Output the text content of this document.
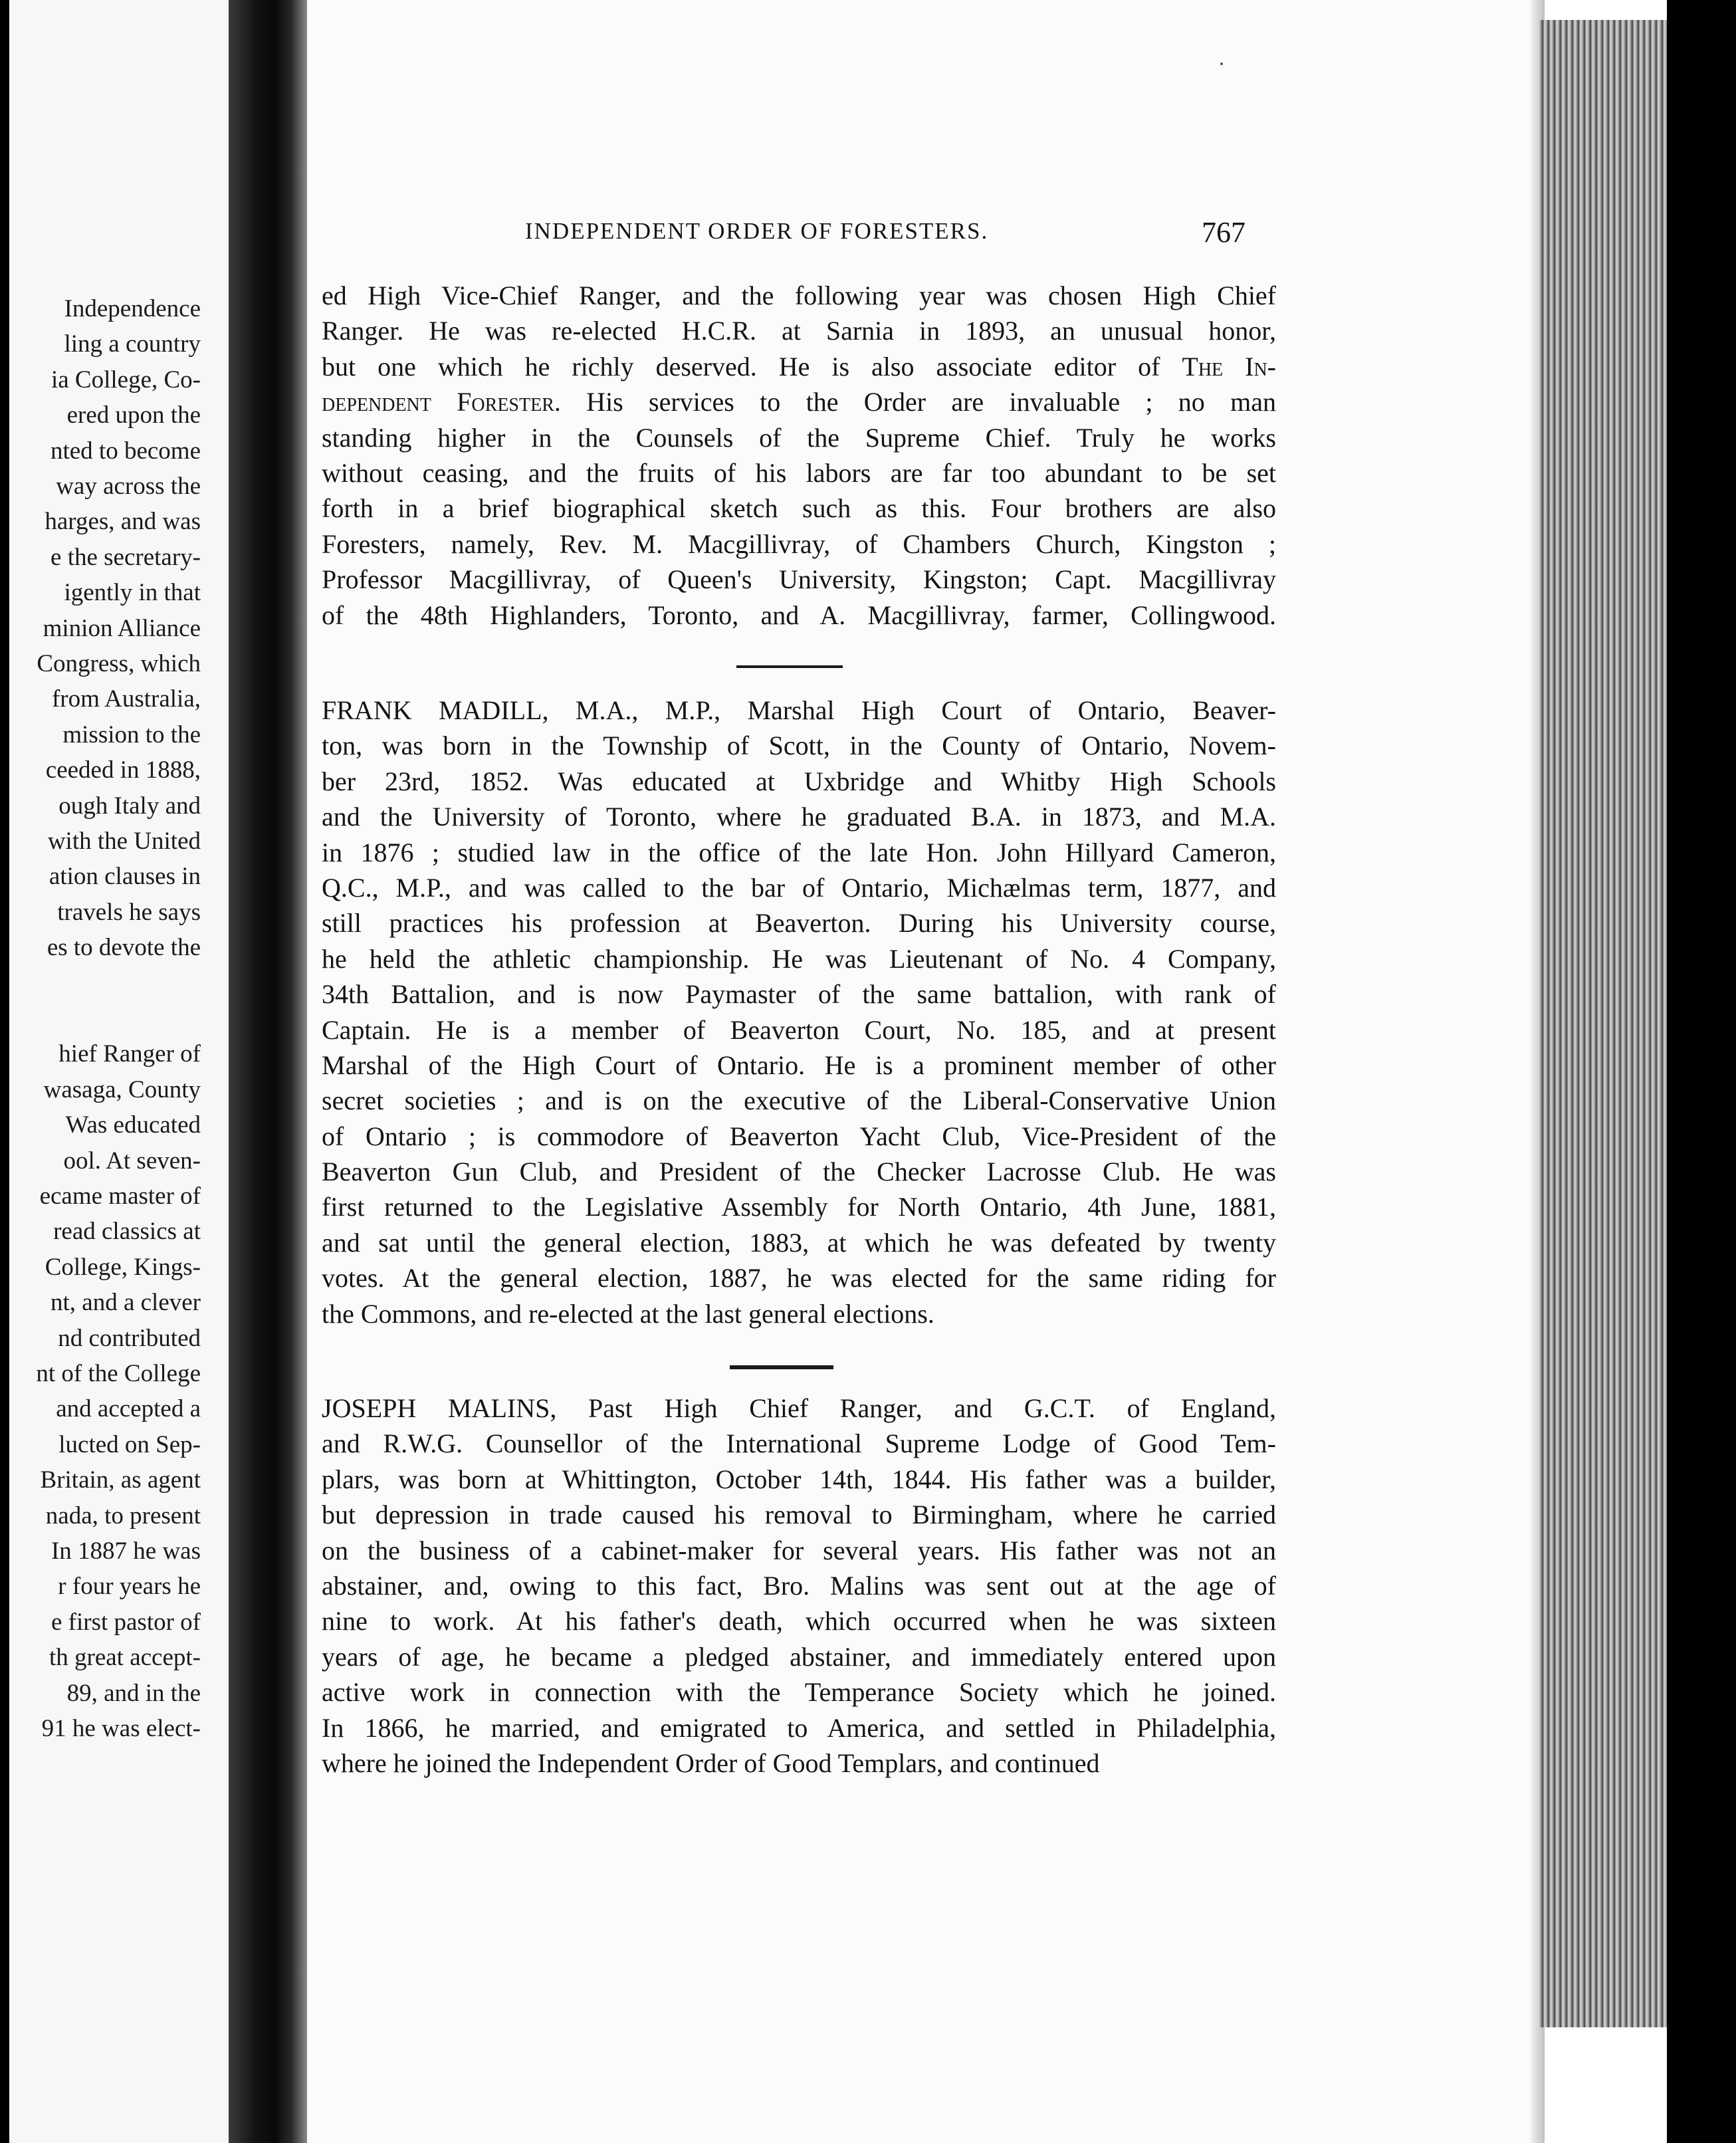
Independence
ling a country
ia College, Co-
ered upon the
nted to become
way across the
harges, and was
e the secretary-
igently in that
minion Alliance
Congress, which
from Australia,
mission to the
ceeded in 1888,
ough Italy and
with the United
ation clauses in
travels he says
es to devote the
hief Ranger of
wasaga, County
Was educated
ool. At seven-
ecame master of
read classics at
College, Kings-
nt, and a clever
nd contributed
nt of the College
and accepted a
lucted on Sep-
Britain, as agent
nada, to present
In 1887 he was
r four years he
e first pastor of
th great accept-
89, and in the
91 he was elect-
INDEPENDENT ORDER OF FORESTERS.	767
ed High Vice-Chief Ranger, and the following year was chosen High Chief
Ranger. He was re-elected H.C.R. at Sarnia in 1893, an unusual honor,
but one which he richly deserved. He is also associate editor of The In-
dependent Forester. His services to the Order are invaluable ; no man
standing higher in the Counsels of the Supreme Chief. Truly he works
without ceasing, and the fruits of his labors are far too abundant to be set
forth in a brief biographical sketch such as this. Four brothers are also
Foresters, namely, Rev. M. Macgillivray, of Chambers Church, Kingston ;
Professor Macgillivray, of Queen's University, Kingston; Capt. Macgillivray
of the 48th Highlanders, Toronto, and A. Macgillivray, farmer, Collingwood.
FRANK MADILL, M.A., M.P., Marshal High Court of Ontario, Beaver-
ton, was born in the Township of Scott, in the County of Ontario, Novem-
ber 23rd, 1852. Was educated at Uxbridge and Whitby High Schools
and the University of Toronto, where he graduated B.A. in 1873, and M.A.
in 1876 ; studied law in the office of the late Hon. John Hillyard Cameron,
Q.C., M.P., and was called to the bar of Ontario, Michælmas term, 1877, and
still practices his profession at Beaverton. During his University course,
he held the athletic championship. He was Lieutenant of No. 4 Company,
34th Battalion, and is now Paymaster of the same battalion, with rank of
Captain. He is a member of Beaverton Court, No. 185, and at present
Marshal of the High Court of Ontario. He is a prominent member of other
secret societies ; and is on the executive of the Liberal-Conservative Union
of Ontario ; is commodore of Beaverton Yacht Club, Vice-President of the
Beaverton Gun Club, and President of the Checker Lacrosse Club. He was
first returned to the Legislative Assembly for North Ontario, 4th June, 1881,
and sat until the general election, 1883, at which he was defeated by twenty
votes. At the general election, 1887, he was elected for the same riding for
the Commons, and re-elected at the last general elections.
JOSEPH MALINS, Past High Chief Ranger, and G.C.T. of England,
and R.W.G. Counsellor of the International Supreme Lodge of Good Tem-
plars, was born at Whittington, October 14th, 1844. His father was a builder,
but depression in trade caused his removal to Birmingham, where he carried
on the business of a cabinet-maker for several years. His father was not an
abstainer, and, owing to this fact, Bro. Malins was sent out at the age of
nine to work. At his father's death, which occurred when he was sixteen
years of age, he became a pledged abstainer, and immediately entered upon
active work in connection with the Temperance Society which he joined.
In 1866, he married, and emigrated to America, and settled in Philadelphia,
where he joined the Independent Order of Good Templars, and continued
